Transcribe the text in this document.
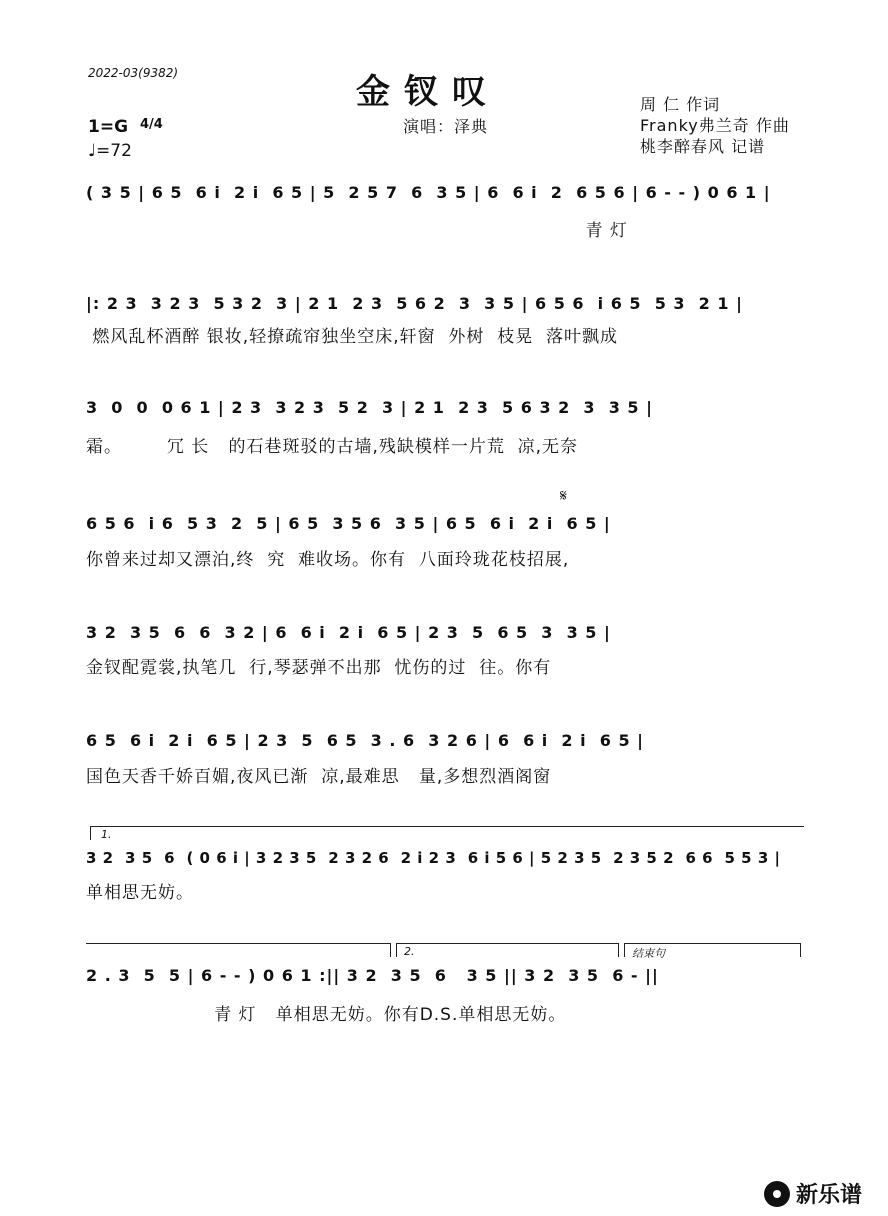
2022-03(9382)	金钗叹
1=G 4/4
♩=72
演唱：泽典
周 仁 作词
Franky弗兰奇 作曲
桃李醉春风 记谱
( 3 5 | 6 5  6 i  2 i  6 5 | 5  2 5 7  6  3 5 | 6  6 i  2  6 5 6 | 6 - - ) 0 6 1 |
青 灯
|: 2 3  3 2 3  5 3 2  3 | 2 1  2 3  5 6 2  3  3 5 | 6 5 6  i 6 5  5 3  2 1 |
燃风乱杯酒醉 银妆,轻撩疏帘独坐空床,轩窗  外树  枝晃  落叶飘成
3  0  0  0 6 1 | 2 3  3 2 3  5 2  3 | 2 1  2 3  5 6 3 2  3  3 5 |
霜。       冗 长   的石巷斑驳的古墙,残缺模样一片荒  凉,无奈
𝄋
6 5 6  i 6  5 3  2  5 | 6 5  3 5 6  3 5 | 6 5  6 i  2 i  6 5 |
你曾来过却又漂泊,终  究  难收场。你有  八面玲珑花枝招展,
3 2  3 5  6  6  3 2 | 6  6 i  2 i  6 5 | 2 3  5  6 5  3  3 5 |
金钗配霓裳,执笔几  行,琴瑟弹不出那  忧伤的过  往。你有
6 5  6 i  2 i  6 5 | 2 3  5  6 5  3 . 6  3 2 6 | 6  6 i  2 i  6 5 |
国色天香千娇百媚,夜风已渐  凉,最难思   量,多想烈酒阁窗
1.
3 2  3 5  6  ( 0 6 i | 3 2 3 5  2 3 2 6  2 i 2 3  6 i 5 6 | 5 2 3 5  2 3 5 2  6 6  5 5 3 |
单相思无妨。
2.	结束句
2 . 3  5  5 | 6 - - ) 0 6 1 :|| 3 2  3 5  6   3 5 || 3 2  3 5  6 - ||
青 灯   单相思无妨。你有D.S.单相思无妨。
新乐谱
